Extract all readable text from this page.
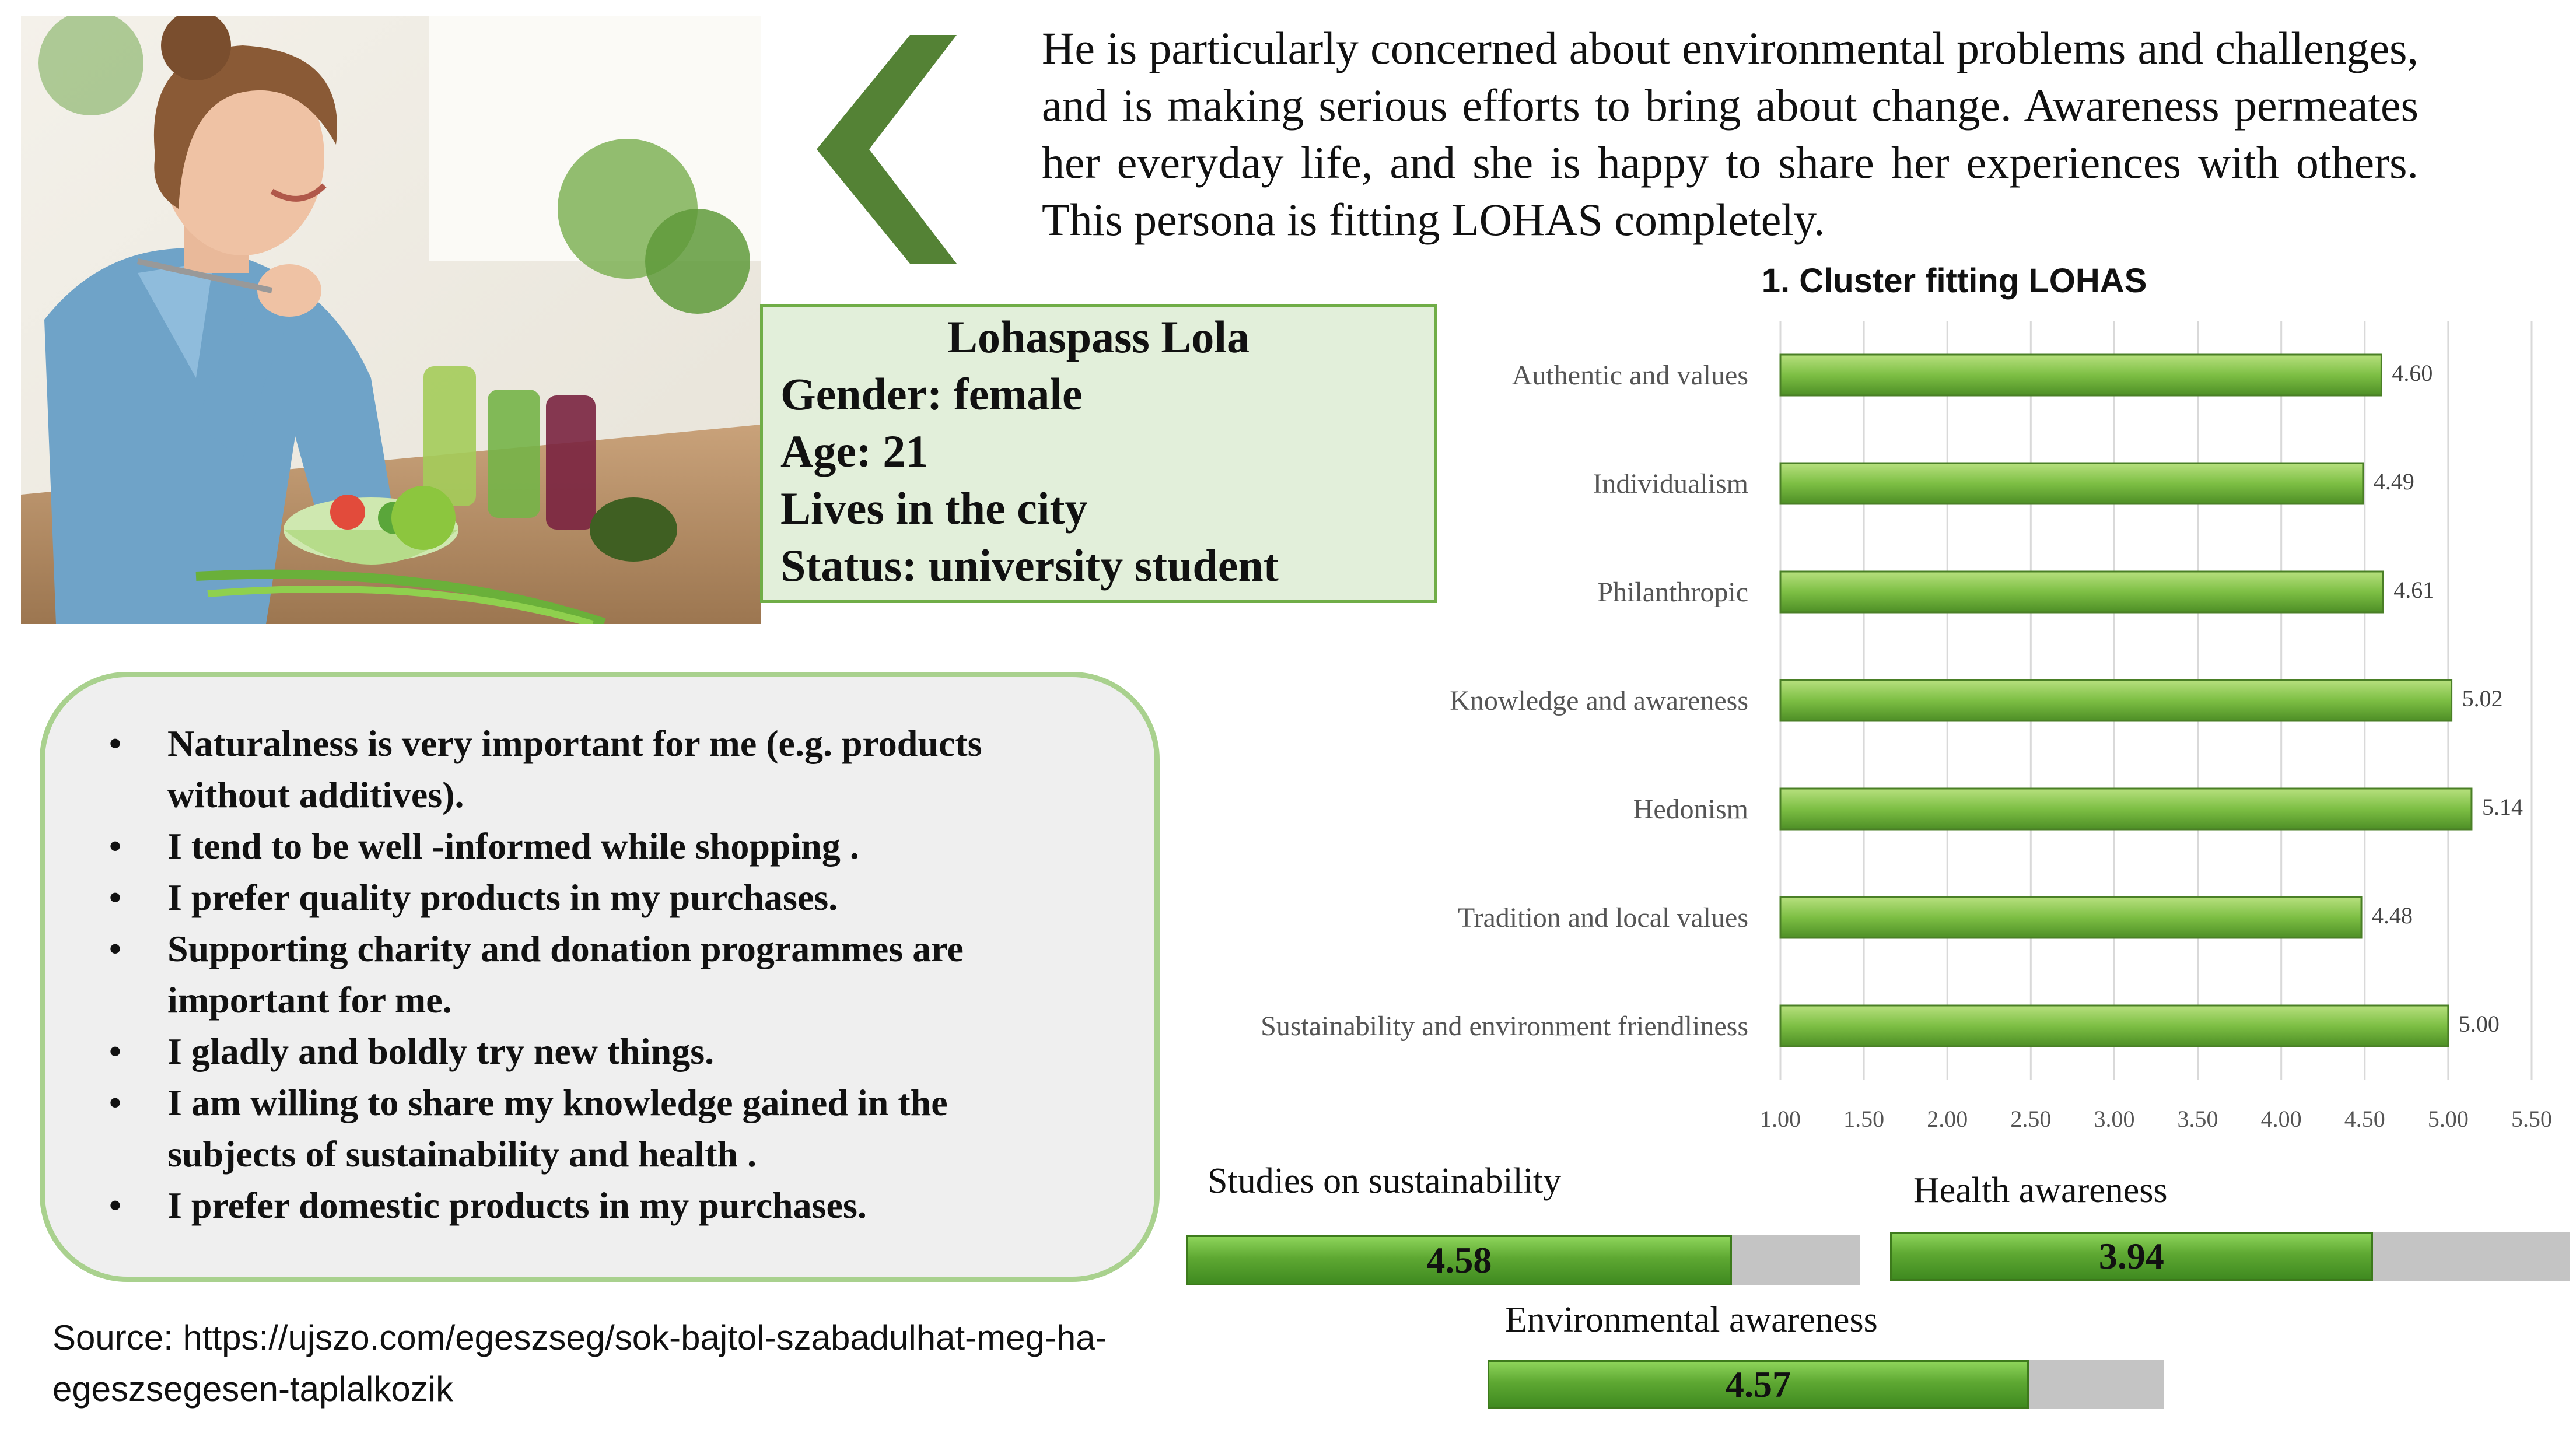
He is particularly concerned about environmental problems and challenges, and is making serious efforts to bring about change. Awareness permeates her everyday life, and she is happy to share her experiences with others. This persona is fitting LOHAS completely.
Lohaspass Lola
Gender: female
Age: 21
Lives in the city
Status: university student
• Naturalness is very important for me (e.g. products without additives).
• I tend to be well -informed while shopping .
• I prefer quality products in my purchases.
• Supporting charity and donation programmes are important for me.
• I gladly and boldly try new things.
• I am willing to share my knowledge gained in the subjects of sustainability and health .
• I prefer domestic products in my purchases.
Source: https://ujszo.com/egeszseg/sok-bajtol-szabadulhat-meg-ha-egeszsegesen-taplalkozik
1. Cluster fitting LOHAS
Authentic and values	4.60
Individualism	4.49
Philanthropic	4.61
Knowledge and awareness	5.02
Hedonism	5.14
Tradition and local values	4.48
Sustainability and environment friendliness	5.00
1.00 1.50 2.00 2.50 3.00 3.50 4.00 4.50 5.00 5.50
Studies on sustainability
4.58
Health awareness
3.94
Environmental awareness
4.57
